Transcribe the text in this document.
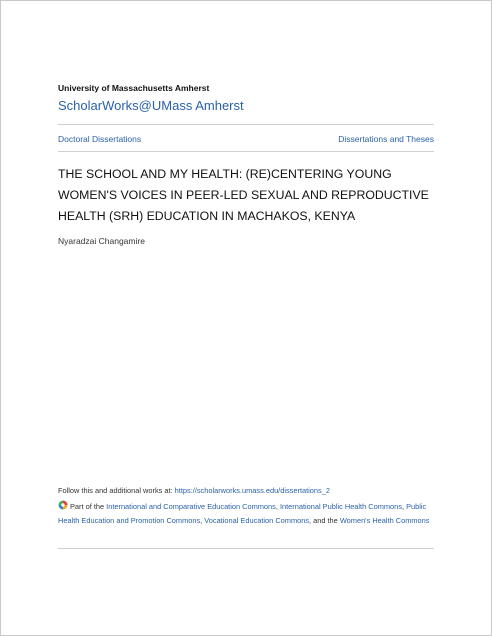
University of Massachusetts Amherst
ScholarWorks@UMass Amherst
Doctoral Dissertations	Dissertations and Theses
THE SCHOOL AND MY HEALTH: (RE)CENTERING YOUNG
WOMEN'S VOICES IN PEER-LED SEXUAL AND REPRODUCTIVE
HEALTH (SRH) EDUCATION IN MACHAKOS, KENYA
Nyaradzai Changamire
Follow this and additional works at: https://scholarworks.umass.edu/dissertations_2
Part of the International and Comparative Education Commons, International Public Health Commons, Public Health Education and Promotion Commons, Vocational Education Commons, and the Women's Health Commons
